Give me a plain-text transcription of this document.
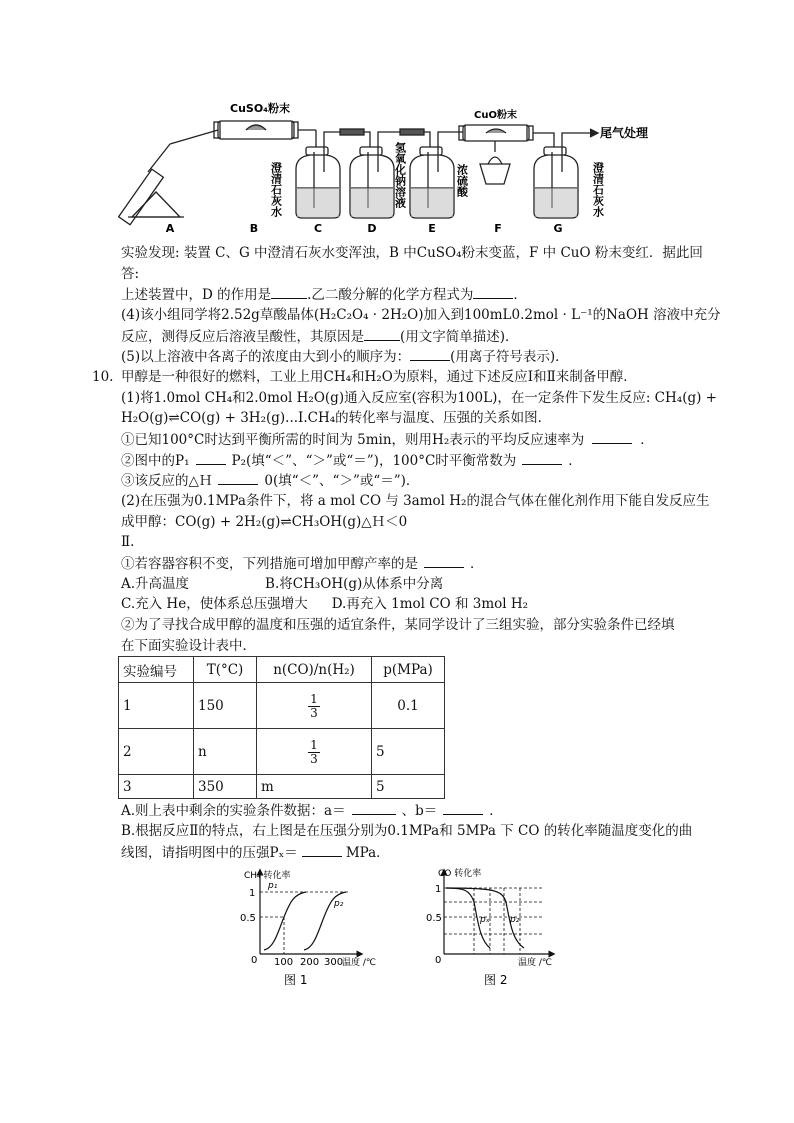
CuSO₄粉末
CuO粉末
尾气处理
A	B	C	D	E	F	G
澄清石灰水	氢氧化钠溶液	浓硫酸	澄清石灰水
实验发现: 装置 C、G 中澄清石灰水变浑浊，B 中CuSO₄粉末变蓝，F 中 CuO 粉末变红．据此回
答:
上述装置中，D 的作用是	.乙二酸分解的化学方程式为	．
(4)该小组同学将2.52g草酸晶体(H₂C₂O₄ · 2H₂O)加入到100mL0.2mol · L⁻¹的NaOH 溶液中充分
反应，测得反应后溶液呈酸性，其原因是	(用文字简单描述)．
(5)以上溶液中各离子的浓度由大到小的顺序为：	(用离子符号表示)．
10. 甲醇是一种很好的燃料，工业上用CH₄和H₂O为原料，通过下述反应Ⅰ和Ⅱ来制备甲醇．
(1)将1.0mol CH₄和2.0mol H₂O(g)通入反应室(容积为100L)，在一定条件下发生反应: CH₄(g) +
H₂O(g)⇌CO(g) + 3H₂(g)...I.CH₄的转化率与温度、压强的关系如图．
①已知100°C时达到平衡所需的时间为 5min，则用H₂表示的平均反应速率为	．
②图中的P₁	P₂(填“＜”、“＞”或“＝”)，100°C时平衡常数为	．
③该反应的△Ｈ	0(填“＜”、“＞”或“＝”)．
(2)在压强为0.1MPa条件下，将 a mol CO 与 3amol H₂的混合气体在催化剂作用下能自发反应生
成甲醇：CO(g) + 2H₂(g)⇌CH₃OH(g)△Ｈ＜0
Ⅱ.
①若容器容积不变，下列措施可增加甲醇产率的是	．
A.升高温度	B.将CH₃OH(g)从体系中分离
C.充入 He，使体系总压强增大 D.再充入 1mol CO 和 3mol H₂
②为了寻找合成甲醇的温度和压强的适宜条件，某同学设计了三组实验，部分实验条件已经填
在下面实验设计表中．
实验编号	T(°C)	n(CO)/n(H₂)	p(MPa)
1	150	$\frac{1}{3}$	0.1
2	n	$\frac{1}{3}$	5
3	350	m	5
A.则上表中剩余的实验条件数据：a＝	、b＝	．
B.根据反应Ⅱ的特点，右上图是在压强分别为0.1MPa和 5MPa 下 CO 的转化率随温度变化的曲
线图，请指明图中的压强Pₓ＝	MPa．
CH₄ 转化率
1
0.5
0 100 200 300
温度 /℃
p₁
p₂
图 1
CO 转化率
1
0.5
0	温度 /℃
pₓ p₂
图 2
